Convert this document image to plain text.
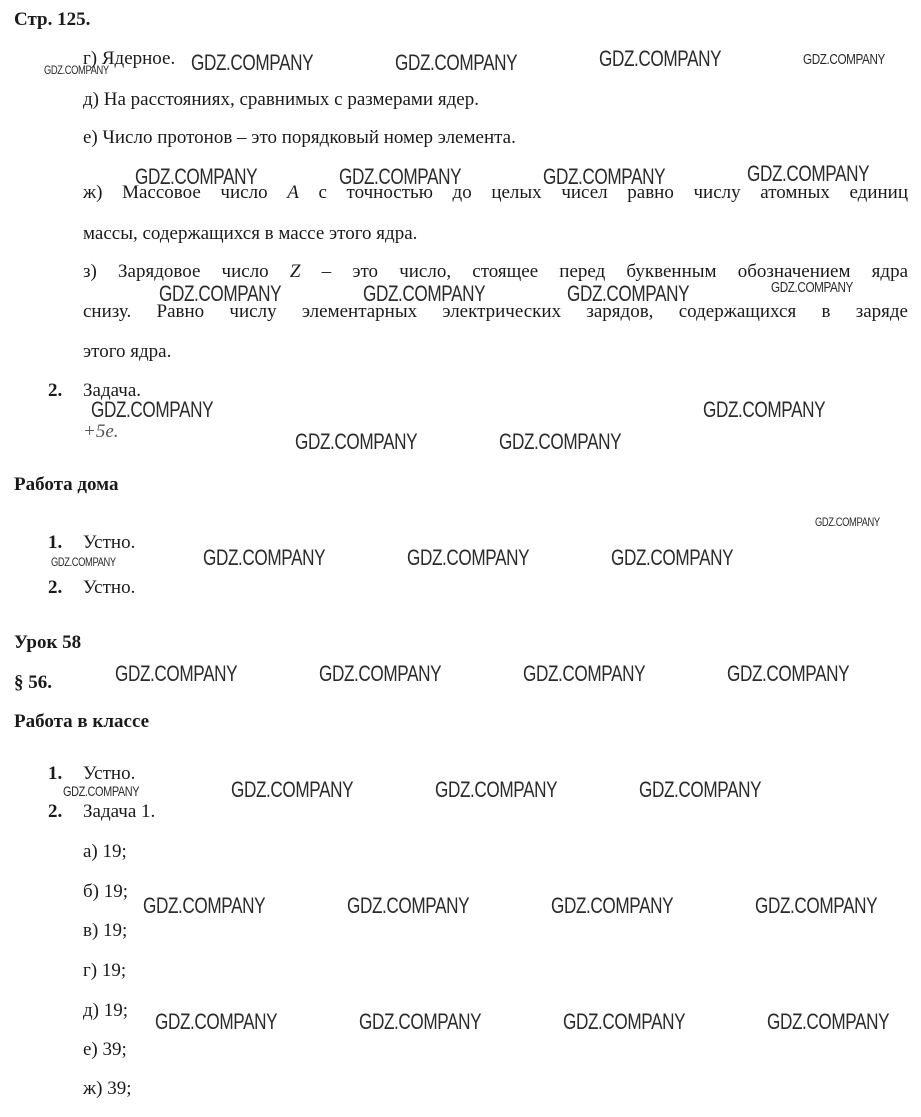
Стр. 125.
г) Ядерное.
д) На расстояниях, сравнимых с размерами ядер.
е) Число протонов – это порядковый номер элемента.
ж) Массовое число A с точностью до целых чисел равно числу атомных единиц
массы, содержащихся в массе этого ядра.
з) Зарядовое число Z – это число, стоящее перед буквенным обозначением ядра
снизу. Равно числу элементарных электрических зарядов, содержащихся в заряде
этого ядра.
2. Задача.
+5e.
Работа дома
1. Устно.
2. Устно.
Урок 58
§ 56.
Работа в классе
1. Устно.
2. Задача 1.
а) 19;
б) 19;
в) 19;
г) 19;
д) 19;
е) 39;
ж) 39;
GDZ.COMPANY	GDZ.COMPANY	GDZ.COMPANY	GDZ.COMPANY	GDZ.COMPANY
GDZ.COMPANY	GDZ.COMPANY	GDZ.COMPANY	GDZ.COMPANY
GDZ.COMPANY	GDZ.COMPANY	GDZ.COMPANY	GDZ.COMPANY
GDZ.COMPANY	GDZ.COMPANY
GDZ.COMPANY	GDZ.COMPANY
GDZ.COMPANY
GDZ.COMPANY	GDZ.COMPANY	GDZ.COMPANY	GDZ.COMPANY
GDZ.COMPANY	GDZ.COMPANY	GDZ.COMPANY	GDZ.COMPANY
GDZ.COMPANY	GDZ.COMPANY	GDZ.COMPANY	GDZ.COMPANY
GDZ.COMPANY	GDZ.COMPANY	GDZ.COMPANY	GDZ.COMPANY
GDZ.COMPANY	GDZ.COMPANY	GDZ.COMPANY	GDZ.COMPANY
